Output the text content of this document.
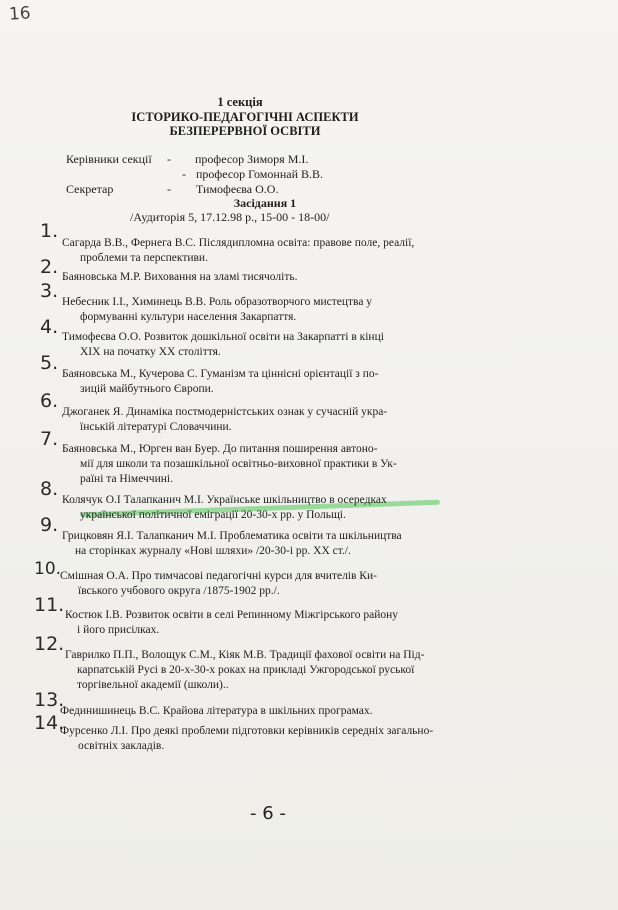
16
1 секція
ІСТОРИКО-ПЕДАГОГІЧНІ АСПЕКТИ
БЕЗПЕРЕРВНОЇ ОСВІТИ
Керівники секції - професор Зиморя М.І.
- професор Гомоннай В.В.
Секретар	- Тимофеєва О.О.
Засідання 1
/Аудиторія 5, 17.12.98 р., 15-00 - 18-00/
1.
Сагарда В.В., Фернега В.С. Післядипломна освіта: правове поле, реалії,
проблеми та перспективи.
2. Баяновська М.Р. Виховання на зламі тисячоліть.
3. Небесник І.І., Химинець В.В. Роль образотворчого мистецтва у
формуванні культури населення Закарпаття.
4. Тимофеєва О.О. Розвиток дошкільної освіти на Закарпатті в кінці
XIX на початку XX століття.
5. Баяновська М., Кучерова С. Гуманізм та ціннісні орієнтації з по-
зицій майбутнього Європи.
6. Джоганек Я. Динаміка постмодерністських ознак у сучасній укра-
їнській літературі Словаччини.
7. Баяновська М., Юрген ван Буер. До питання поширення автоно-
мії для школи та позашкільної освітньо-виховної практики в Ук-
раїні та Німеччині.
8. Колячук О.І Талапканич М.І. Українське шкільництво в осередках
української політичної еміграції 20-30-х рр. у Польщі.
9. Грицковян Я.І. Талапканич М.І. Проблематика освіти та шкільництва
на сторінках журналу «Нові шляхи» /20-30-і рр. XX ст./.
10.
Смішная О.А. Про тимчасові педагогічні курси для вчителів Ки-
ївського учбового округа /1875-1902 рр./.
11. Костюк І.В. Розвиток освіти в селі Репинному Міжгірського району
і його присілках.
12. Гаврилко П.П., Волощук С.М., Кіяк М.В. Традиції фахової освіти на Під-
карпатській Русі в 20-х-30-х роках на прикладі Ужгородської руської
торгівельної академії (школи)..
13.
Фединишинець В.С. Крайова література в шкільних програмах.
14.
Фурсенко Л.І. Про деякі проблеми підготовки керівників середніх загально-
освітніх закладів.
- 6 -
